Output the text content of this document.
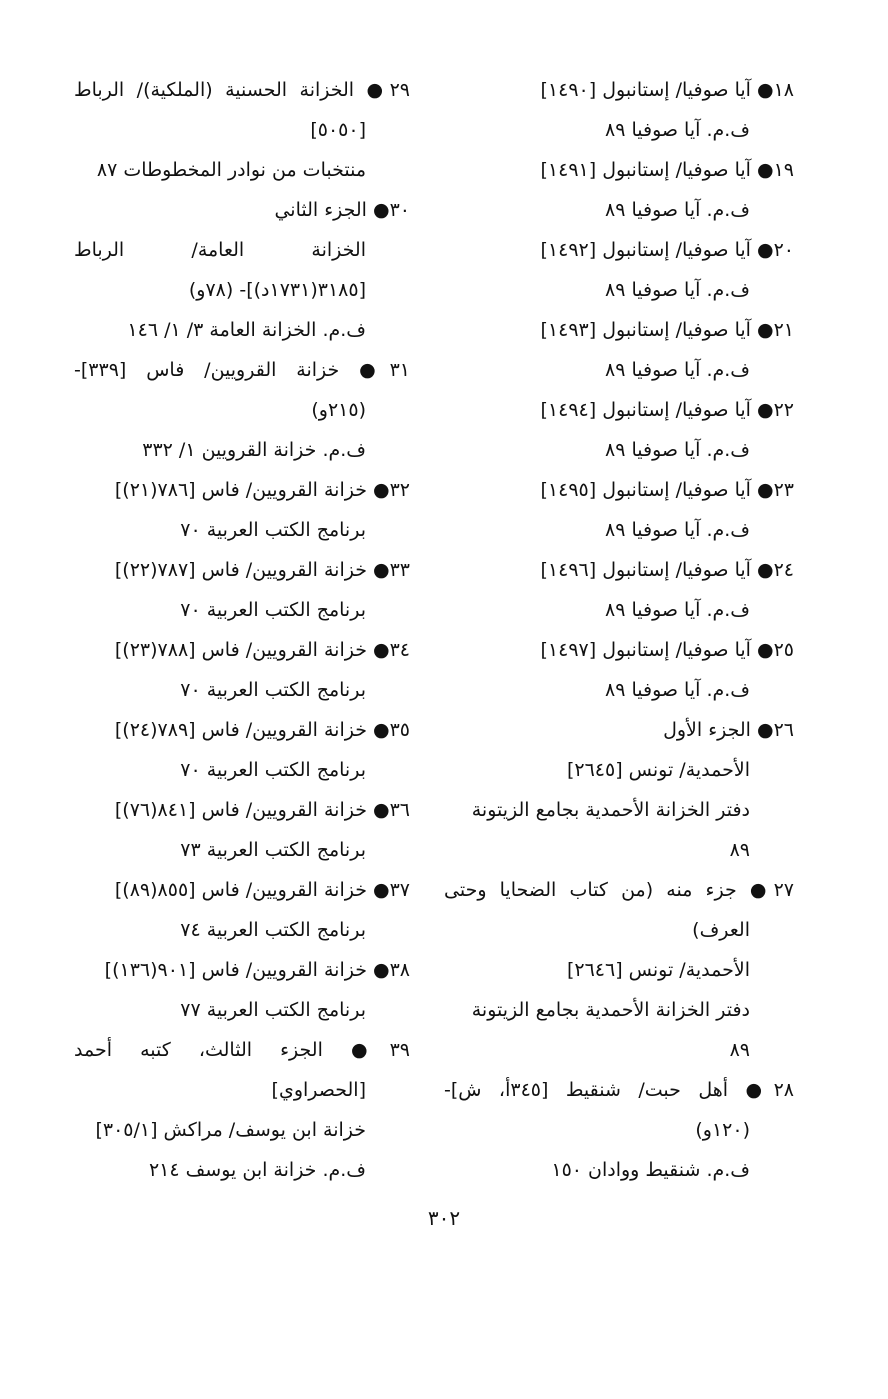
١٨● آيا صوفيا/ إستانبول [١٤٩٠]
ف.م. آيا صوفيا ٨٩
١٩● آيا صوفيا/ إستانبول [١٤٩١]
ف.م. آيا صوفيا ٨٩
٢٠● آيا صوفيا/ إستانبول [١٤٩٢]
ف.م. آيا صوفيا ٨٩
٢١● آيا صوفيا/ إستانبول [١٤٩٣]
ف.م. آيا صوفيا ٨٩
٢٢● آيا صوفيا/ إستانبول [١٤٩٤]
ف.م. آيا صوفيا ٨٩
٢٣● آيا صوفيا/ إستانبول [١٤٩٥]
ف.م. آيا صوفيا ٨٩
٢٤● آيا صوفيا/ إستانبول [١٤٩٦]
ف.م. آيا صوفيا ٨٩
٢٥● آيا صوفيا/ إستانبول [١٤٩٧]
ف.م. آيا صوفيا ٨٩
٢٦● الجزء الأول
الأحمدية/ تونس [٢٦٤٥]
دفتر الخزانة الأحمدية بجامع الزيتونة
٨٩
٢٧● جزء منه (من كتاب الضحايا وحتى
العرف)
الأحمدية/ تونس [٢٦٤٦]
دفتر الخزانة الأحمدية بجامع الزيتونة
٨٩
٢٨● أهل حبت/ شنقيط [٣٤٥أ، ش]-
(١٢٠و)
ف.م. شنقيط ووادان ١٥٠
٢٩● الخزانة الحسنية (الملكية)/ الرباط
[٥٠٥٠]
منتخبات من نوادر المخطوطات ٨٧
٣٠● الجزء الثاني
الخزانة العامة/ الرباط
[٣١٨٥(١٧٣١د)]- (٧٨و)
ف.م. الخزانة العامة ٣/ ١/ ١٤٦
٣١● خزانة القرويين/ فاس [٣٣٩]-
(٢١٥و)
ف.م. خزانة القرويين ١/ ٣٣٢
٣٢● خزانة القرويين/ فاس [٧٨٦(٢١)]
برنامج الكتب العربية ٧٠
٣٣● خزانة القرويين/ فاس [٧٨٧(٢٢)]
برنامج الكتب العربية ٧٠
٣٤● خزانة القرويين/ فاس [٧٨٨(٢٣)]
برنامج الكتب العربية ٧٠
٣٥● خزانة القرويين/ فاس [٧٨٩(٢٤)]
برنامج الكتب العربية ٧٠
٣٦● خزانة القرويين/ فاس [٨٤١(٧٦)]
برنامج الكتب العربية ٧٣
٣٧● خزانة القرويين/ فاس [٨٥٥(٨٩)]
برنامج الكتب العربية ٧٤
٣٨● خزانة القرويين/ فاس [٩٠١(١٣٦)]
برنامج الكتب العربية ٧٧
٣٩● الجزء الثالث، كتبه أحمد
[الحصراوي]
خزانة ابن يوسف/ مراكش [٣٠٥/١]
ف.م. خزانة ابن يوسف ٢١٤
٣٠٢
